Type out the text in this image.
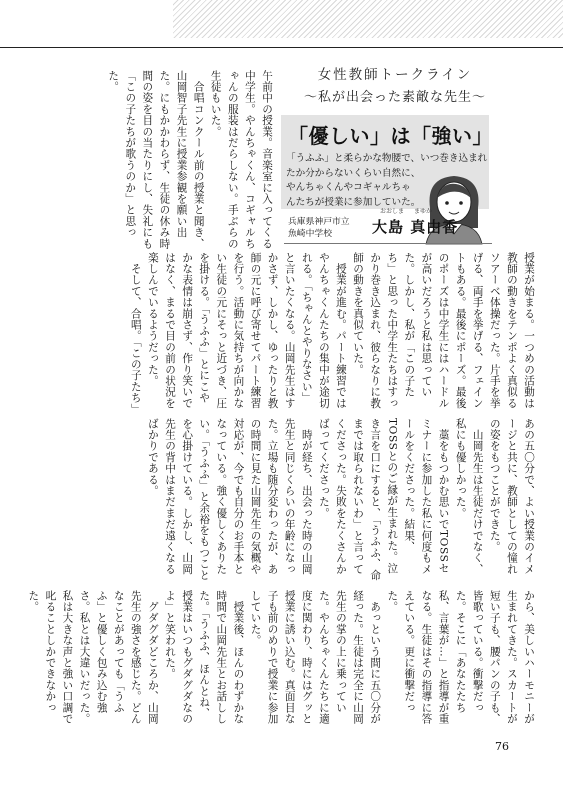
女性教師トークライン
〜私が出会った素敵な先生〜
「優しい」は「強い」
「うふふ」と柔らかな物腰で、いつ巻き込まれ
たか分からないくらい自然に、
やんちゃくんやコギャルちゃ
んたちが授業に参加していた。
兵庫県神戸市立
魚崎中学校
おおしま まゆか
大島 真由香
午前中の授業。音楽室に入ってくる中学生。やんちゃくん、コギャルちゃんの服装はだらしない。手ぶらの生徒もいた。
　合唱コンクール前の授業と聞き、山岡智子先生に授業参観を願い出た。にもかかわらず、生徒の休み時間の姿を目の当たりにし、失礼にも「この子たちが歌うのか」と思った。
授業が始まる。一つめの活動は教師の動きをテンポよく真似るソアーベ体操だった。片手を挙げる、両手を挙げる、フェイントもある。最後にポーズ。最後のポーズは中学生にはハードルが高いだろうと私は思っていた。しかし、私が「この子たち」と思った中学生たちはすっかり巻き込まれ、彼らなりに教師の動きを真似ていた。
　授業が進む。パート練習ではやんちゃくんたちの集中が途切れる。「ちゃんとやりなさい」と言いたくなる。山岡先生はすかさず、しかし、ゆったりと教師の元に呼び寄せてパート練習を行う。活動に気持ちが向かない生徒の元にそっと近づき、圧を掛ける。「うふふ」とにこやかな表情は崩さず、作り笑いではなく、まるで目の前の状況を楽しんでいるようだった。
　そして、合唱。「この子たち」
から、美しいハーモニーが生まれてきた。スカートが短い子も、腰パンの子も、皆歌っている。衝撃だった。そこに「あなたたち私、言葉が…」と指導が重なる。生徒はその指導に答えている。更に衝撃だった。
　あっという間に五〇分が経った。生徒は完全に山岡先生の掌の上に乗っていた。やんちゃくんたちに適度に関わり、時にはグッと授業に誘い込む。真面目な子も前のめりで授業に参加していた。
　授業後、ほんのわずかな時間で山岡先生とお話しした。「うふふ、ほんとね、授業はいつもグダグダなのよ」と笑われた。
　グダグダどころか、山岡先生の強さを感じた。どんなことがあっても「うふふ」と優しく包み込む強さ。私とは大違いだった。私は大きな声と強い口調で叱ることしかできなかった。
76
あの五〇分で、よい授業のイメージと共に、教師としての憧れの姿をもつことができた。
　山岡先生は生徒だけでなく、私にも優しかった。
　藁をもつかむ思いでTOSSセミナーに参加した私に何度もメールをくださった。結果、TOSSとのご縁が生まれた。泣き言を口にすると、「うふふ、命までは取られないわ」と言ってくださった。失敗をたくさんかばってくださった。
　時が経ち、出会った時の山岡先生と同じくらいの年齢になった。立場も随分変わったが、あの時間に見た山岡先生の気概や対応が、今でも自分のお手本となっている。強く優しくありたい。「うふふ」と余裕をもつことを心掛けている。しかし、山岡先生の背中はまだまだ遠くなるばかりである。
